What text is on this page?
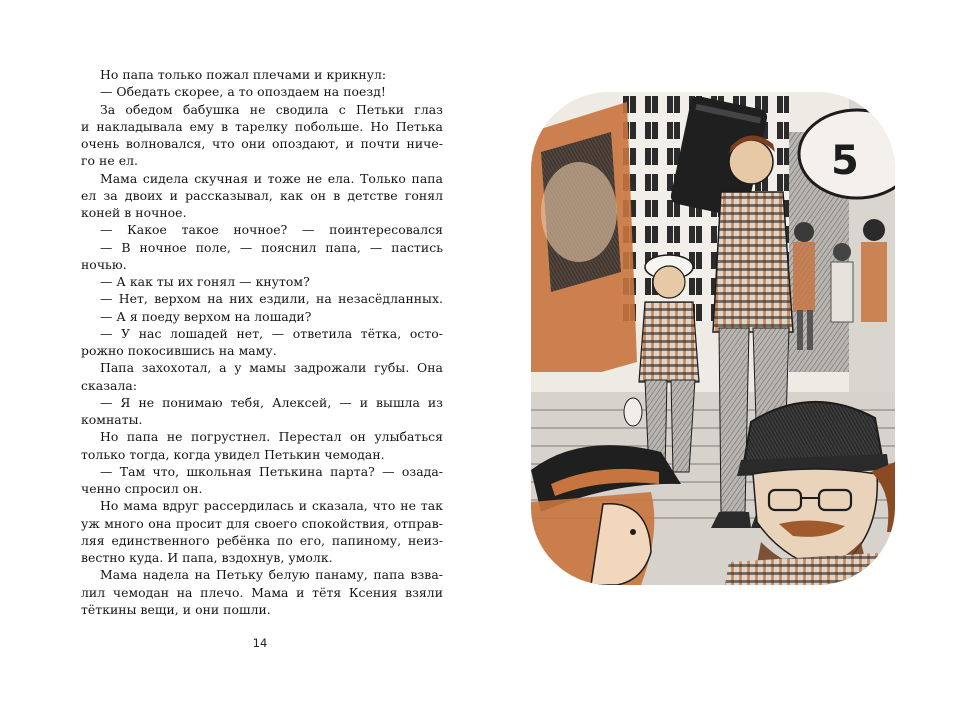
Но папа только пожал плечами и крикнул:
— Обедать скорее, а то опоздаем на поезд!
За обедом бабушка не сводила с Петьки глаз
и накладывала ему в тарелку побольше. Но Петька
очень волновался, что они опоздают, и почти ниче-
го не ел.
Мама сидела скучная и тоже не ела. Только папа
ел за двоих и рассказывал, как он в детстве гонял
коней в ночное.
— Какое такое ночное? — поинтересовался
— В ночное поле, — пояснил папа, — пастись
ночью.
— А как ты их гонял — кнутом?
— Нет, верхом на них ездили, на незасёдланных.
— А я поеду верхом на лошади?
— У нас лошадей нет, — ответила тётка, осто-
рожно покосившись на маму.
Папа захохотал, а у мамы задрожали губы. Она
сказала:
— Я не понимаю тебя, Алексей, — и вышла из
комнаты.
Но папа не погрустнел. Перестал он улыбаться
только тогда, когда увидел Петькин чемодан.
— Там что, школьная Петькина парта? — озада-
ченно спросил он.
Но мама вдруг рассердилась и сказала, что не так
уж много она просит для своего спокойствия, отправ-
ляя единственного ребёнка по его, папиному, неиз-
вестно куда. И папа, вздохнув, умолк.
Мама надела на Петьку белую панаму, папа взва-
лил чемодан на плечо. Мама и тётя Ксения взяли
тёткины вещи, и они пошли.
14
5
